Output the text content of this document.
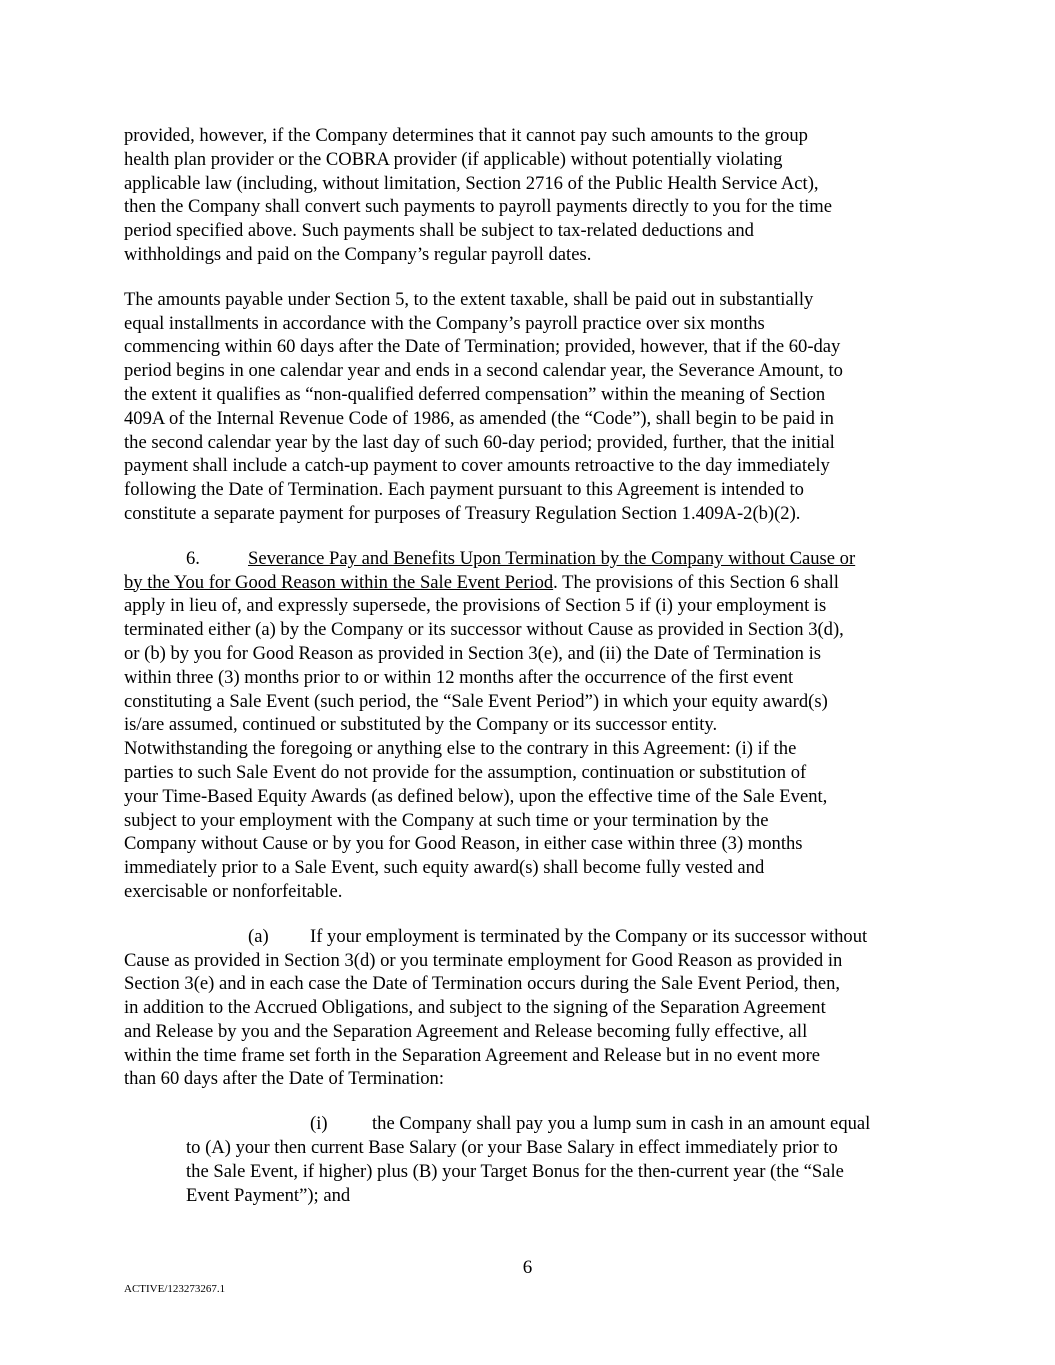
provided, however, if the Company determines that it cannot pay such amounts to the group
health plan provider or the COBRA provider (if applicable) without potentially violating
applicable law (including, without limitation, Section 2716 of the Public Health Service Act),
then the Company shall convert such payments to payroll payments directly to you for the time
period specified above. Such payments shall be subject to tax-related deductions and
withholdings and paid on the Company’s regular payroll dates.
The amounts payable under Section 5, to the extent taxable, shall be paid out in substantially
equal installments in accordance with the Company’s payroll practice over six months
commencing within 60 days after the Date of Termination; provided, however, that if the 60-day
period begins in one calendar year and ends in a second calendar year, the Severance Amount, to
the extent it qualifies as “non-qualified deferred compensation” within the meaning of Section
409A of the Internal Revenue Code of 1986, as amended (the “Code”), shall begin to be paid in
the second calendar year by the last day of such 60-day period; provided, further, that the initial
payment shall include a catch-up payment to cover amounts retroactive to the day immediately
following the Date of Termination. Each payment pursuant to this Agreement is intended to
constitute a separate payment for purposes of Treasury Regulation Section 1.409A-2(b)(2).
6.	Severance Pay and Benefits Upon Termination by the Company without Cause or
by the You for Good Reason within the Sale Event Period. The provisions of this Section 6 shall
apply in lieu of, and expressly supersede, the provisions of Section 5 if (i) your employment is
terminated either (a) by the Company or its successor without Cause as provided in Section 3(d),
or (b) by you for Good Reason as provided in Section 3(e), and (ii) the Date of Termination is
within three (3) months prior to or within 12 months after the occurrence of the first event
constituting a Sale Event (such period, the “Sale Event Period”) in which your equity award(s)
is/are assumed, continued or substituted by the Company or its successor entity.
Notwithstanding the foregoing or anything else to the contrary in this Agreement: (i) if the
parties to such Sale Event do not provide for the assumption, continuation or substitution of
your Time-Based Equity Awards (as defined below), upon the effective time of the Sale Event,
subject to your employment with the Company at such time or your termination by the
Company without Cause or by you for Good Reason, in either case within three (3) months
immediately prior to a Sale Event, such equity award(s) shall become fully vested and
exercisable or nonforfeitable.
(a) If your employment is terminated by the Company or its successor without
Cause as provided in Section 3(d) or you terminate employment for Good Reason as provided in
Section 3(e) and in each case the Date of Termination occurs during the Sale Event Period, then,
in addition to the Accrued Obligations, and subject to the signing of the Separation Agreement
and Release by you and the Separation Agreement and Release becoming fully effective, all
within the time frame set forth in the Separation Agreement and Release but in no event more
than 60 days after the Date of Termination:
(i) the Company shall pay you a lump sum in cash in an amount equal
to (A) your then current Base Salary (or your Base Salary in effect immediately prior to
the Sale Event, if higher) plus (B) your Target Bonus for the then-current year (the “Sale
Event Payment”); and
6
ACTIVE/123273267.1
